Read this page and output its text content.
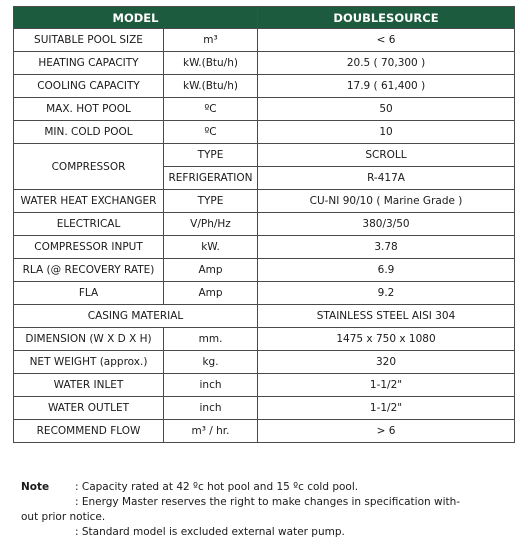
MODEL		DOUBLESOURCE
SUITABLE POOL SIZE	m³	< 6
HEATING CAPACITY	kW.(Btu/h)	20.5 ( 70,300 )
COOLING CAPACITY	kW.(Btu/h)	17.9 ( 61,400 )
MAX. HOT POOL	ºC	50
MIN. COLD POOL	ºC	10
COMPRESSOR	TYPE	SCROLL
	REFRIGERATION	R-417A
WATER HEAT EXCHANGER	TYPE	CU-NI 90/10 ( Marine Grade )
ELECTRICAL	V/Ph/Hz	380/3/50
COMPRESSOR INPUT	kW.	3.78
RLA (@ RECOVERY RATE)	Amp	6.9
FLA	Amp	9.2
CASING MATERIAL		STAINLESS STEEL AISI 304
DIMENSION (W X D X H)	mm.	1475 x 750 x 1080
NET WEIGHT (approx.)	kg.	320
WATER INLET	inch	1-1/2"
WATER OUTLET	inch	1-1/2"
RECOMMEND FLOW	m³ / hr.	> 6
Note	: Capacity rated at 42 ºc hot pool and 15 ºc cold pool.
: Energy Master reserves the right to make changes in specification with-
out prior notice.
: Standard model is excluded external water pump.
